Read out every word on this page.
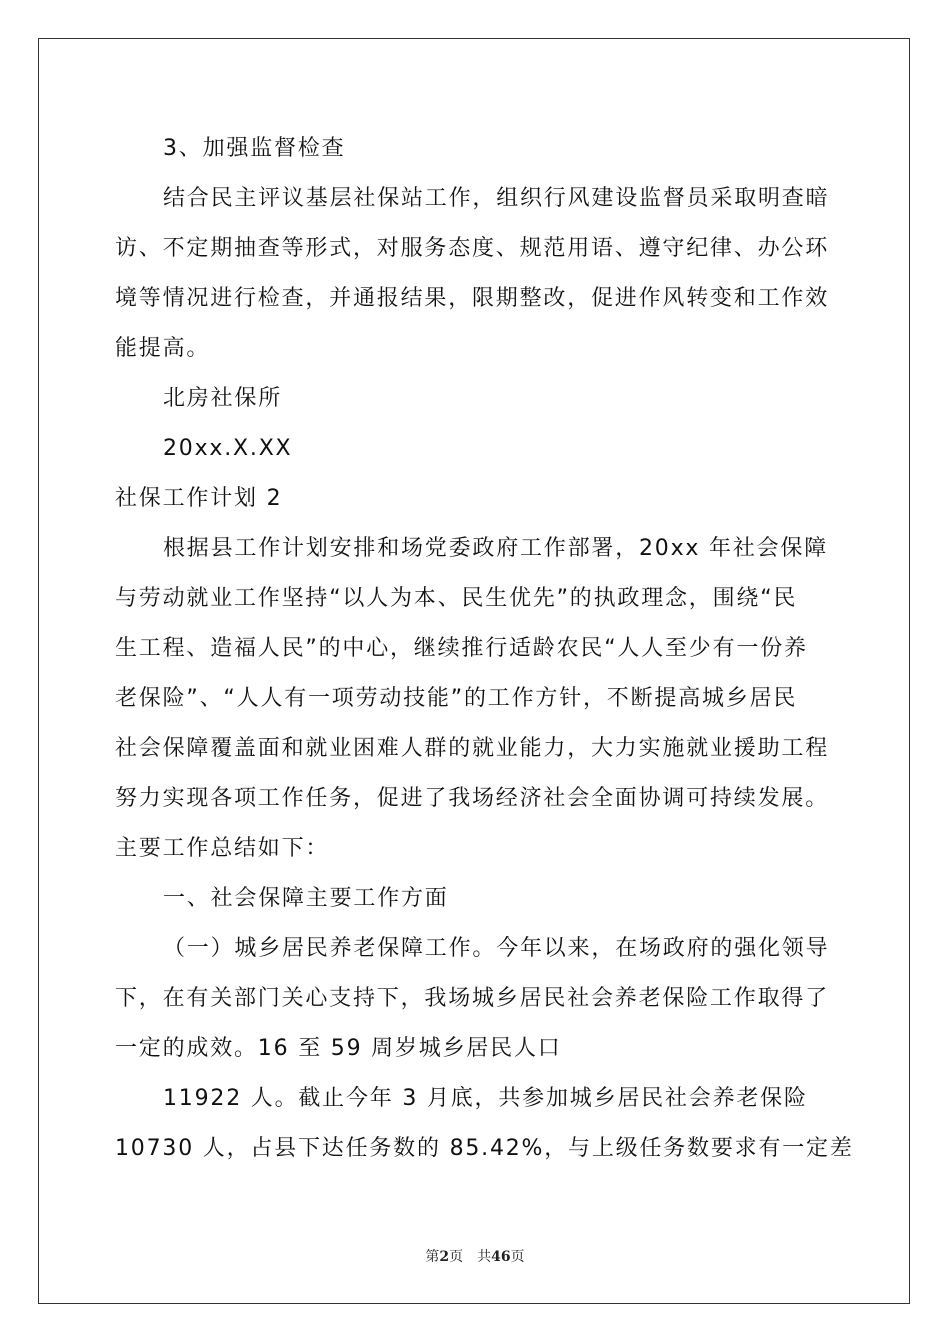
3、加强监督检查
结合民主评议基层社保站工作，组织行风建设监督员采取明查暗
访、不定期抽查等形式，对服务态度、规范用语、遵守纪律、办公环
境等情况进行检查，并通报结果，限期整改，促进作风转变和工作效
能提高。
北房社保所
20xx.X.XX
社保工作计划 2
根据县工作计划安排和场党委政府工作部署，20xx 年社会保障
与劳动就业工作坚持“以人为本、民生优先”的执政理念，围绕“民
生工程、造福人民”的中心，继续推行适龄农民“人人至少有一份养
老保险”、“人人有一项劳动技能”的工作方针，不断提高城乡居民
社会保障覆盖面和就业困难人群的就业能力，大力实施就业援助工程
努力实现各项工作任务，促进了我场经济社会全面协调可持续发展。
主要工作总结如下：
一、社会保障主要工作方面
（一）城乡居民养老保障工作。今年以来，在场政府的强化领导
下，在有关部门关心支持下，我场城乡居民社会养老保险工作取得了
一定的成效。16 至 59 周岁城乡居民人口
11922 人。截止今年 3 月底，共参加城乡居民社会养老保险
10730 人，占县下达任务数的 85.42%，与上级任务数要求有一定差
第2页　共46页
